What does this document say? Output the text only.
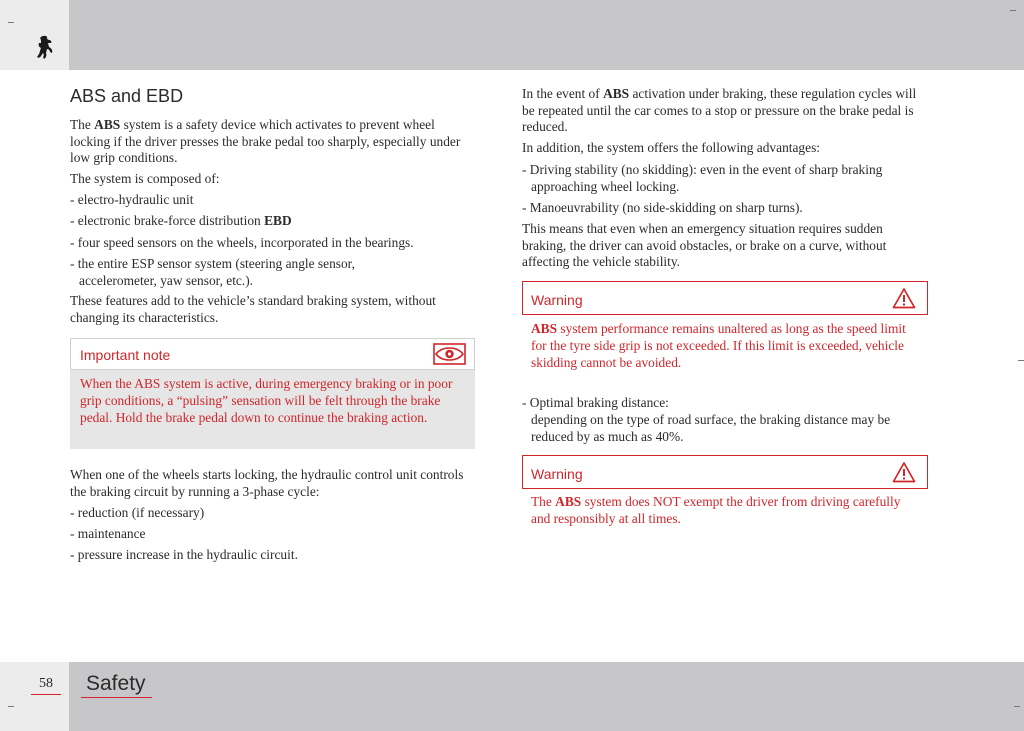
58	Safety
ABS and EBD
The ABS system is a safety device which activates to prevent wheel locking if the driver presses the brake pedal too sharply, especially under low grip conditions.
The system is composed of:
- electro-hydraulic unit
- electronic brake-force distribution EBD
- four speed sensors on the wheels, incorporated in the bearings.
- the entire ESP sensor system (steering angle sensor, accelerometer, yaw sensor, etc.).
These features add to the vehicle’s standard braking system, without changing its characteristics.
Important note
When the ABS system is active, during emergency braking or in poor grip conditions, a “pulsing” sensation will be felt through the brake pedal. Hold the brake pedal down to continue the braking action.
When one of the wheels starts locking, the hydraulic control unit controls the braking circuit by running a 3-phase cycle:
- reduction (if necessary)
- maintenance
- pressure increase in the hydraulic circuit.
In the event of ABS activation under braking, these regulation cycles will be repeated until the car comes to a stop or pressure on the brake pedal is reduced.
In addition, the system offers the following advantages:
- Driving stability (no skidding): even in the event of sharp braking approaching wheel locking.
- Manoeuvrability (no side-skidding on sharp turns).
This means that even when an emergency situation requires sudden braking, the driver can avoid obstacles, or brake on a curve, without affecting the vehicle stability.
Warning
ABS system performance remains unaltered as long as the speed limit for the tyre side grip is not exceeded. If this limit is exceeded, vehicle skidding cannot be avoided.
- Optimal braking distance:
depending on the type of road surface, the braking distance may be reduced by as much as 40%.
Warning
The ABS system does NOT exempt the driver from driving carefully and responsibly at all times.
